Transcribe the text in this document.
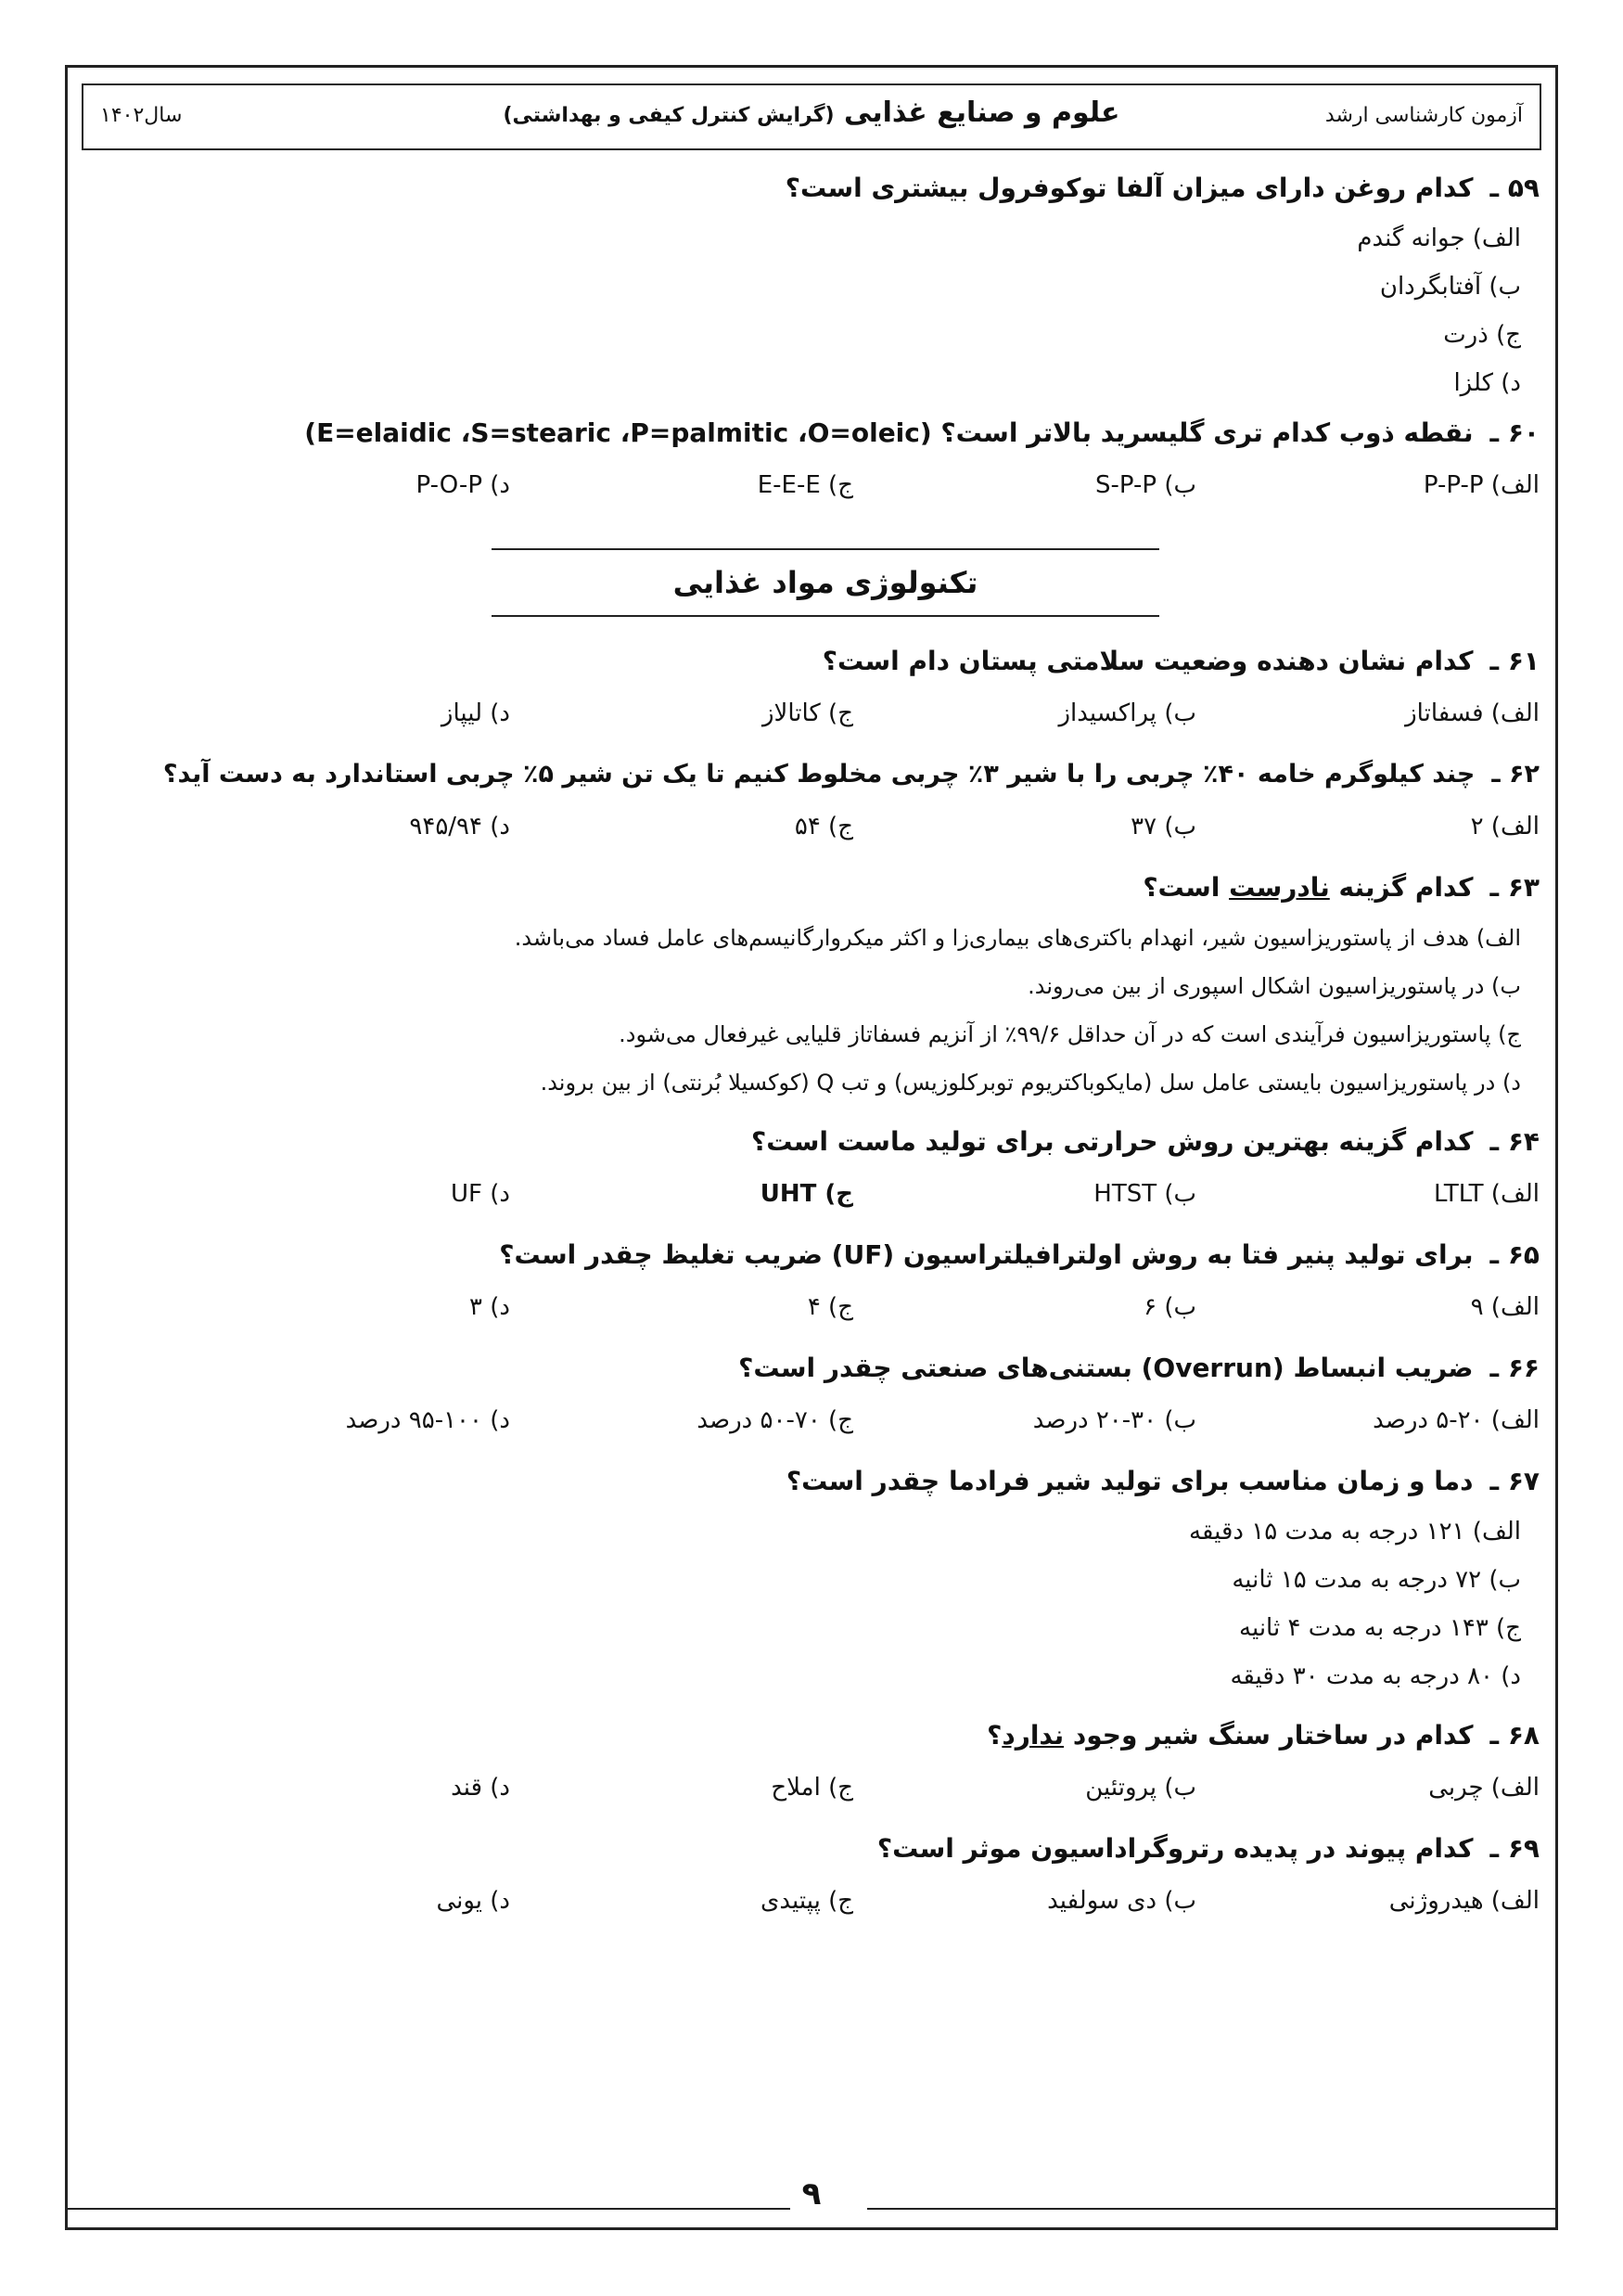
آزمون کارشناسی ارشد
علوم و صنایع غذایی (گرایش کنترل کیفی و بهداشتی)
سال۱۴۰۲
۵۹ ـکدام روغن دارای میزان آلفا توکوفرول بیشتری است؟
الف) جوانه گندم
ب) آفتابگردان
ج) ذرت
د) کلزا
۶۰ ـنقطه ذوب کدام تری گلیسرید بالاتر است؟ (E=elaidic ،S=stearic ،P=palmitic ،O=oleic)
الف) P-P-P
ب) S-P-P
ج) E-E-E
د) P-O-P
تکنولوژی مواد غذایی
۶۱ ـکدام نشان دهنده وضعیت سلامتی پستان دام است؟
الف) فسفاتاز
ب) پراکسیداز
ج) کاتالاز
د) لیپاز
۶۲ ـچند کیلوگرم خامه ۴۰٪ چربی را با شیر ۳٪ چربی مخلوط کنیم تا یک تن شیر ۵٪ چربی استاندارد به دست آید؟
الف) ۲
ب) ۳۷
ج) ۵۴
د) ۹۴۵/۹۴
۶۳ ـکدام گزینه نادرست است؟
الف) هدف از پاستوریزاسیون شیر، انهدام باکتری‌های بیماری‌زا و اکثر میکروارگانیسم‌های عامل فساد می‌باشد.
ب) در پاستوریزاسیون اشکال اسپوری از بین می‌روند.
ج) پاستوریزاسیون فرآیندی است که در آن حداقل ۹۹/۶٪ از آنزیم فسفاتاز قلیایی غیرفعال می‌شود.
د) در پاستوریزاسیون بایستی عامل سل (مایکوباکتریوم توبرکلوزیس) و تب Q (کوکسیلا بُرنتی) از بین بروند.
۶۴ ـکدام گزینه بهترین روش حرارتی برای تولید ماست است؟
الف) LTLT
ب) HTST
ج) UHT
د) UF
۶۵ ـبرای تولید پنیر فتا به روش اولترافیلتراسیون (UF) ضریب تغلیظ چقدر است؟
الف) ۹
ب) ۶
ج) ۴
د) ۳
۶۶ ـضریب انبساط (Overrun) بستنی‌های صنعتی چقدر است؟
الف) ۲۰-۵ درصد
ب) ۳۰-۲۰ درصد
ج) ۷۰-۵۰ درصد
د) ۱۰۰-۹۵ درصد
۶۷ ـدما و زمان مناسب برای تولید شیر فرادما چقدر است؟
الف) ۱۲۱ درجه به مدت ۱۵ دقیقه
ب) ۷۲ درجه به مدت ۱۵ ثانیه
ج) ۱۴۳ درجه به مدت ۴ ثانیه
د) ۸۰ درجه به مدت ۳۰ دقیقه
۶۸ ـکدام در ساختار سنگ شیر وجود ندارد؟
الف) چربی
ب) پروتئین
ج) املاح
د) قند
۶۹ ـکدام پیوند در پدیده رتروگراداسیون موثر است؟
الف) هیدروژنی
ب) دی سولفید
ج) پپتیدی
د) یونی
۹
